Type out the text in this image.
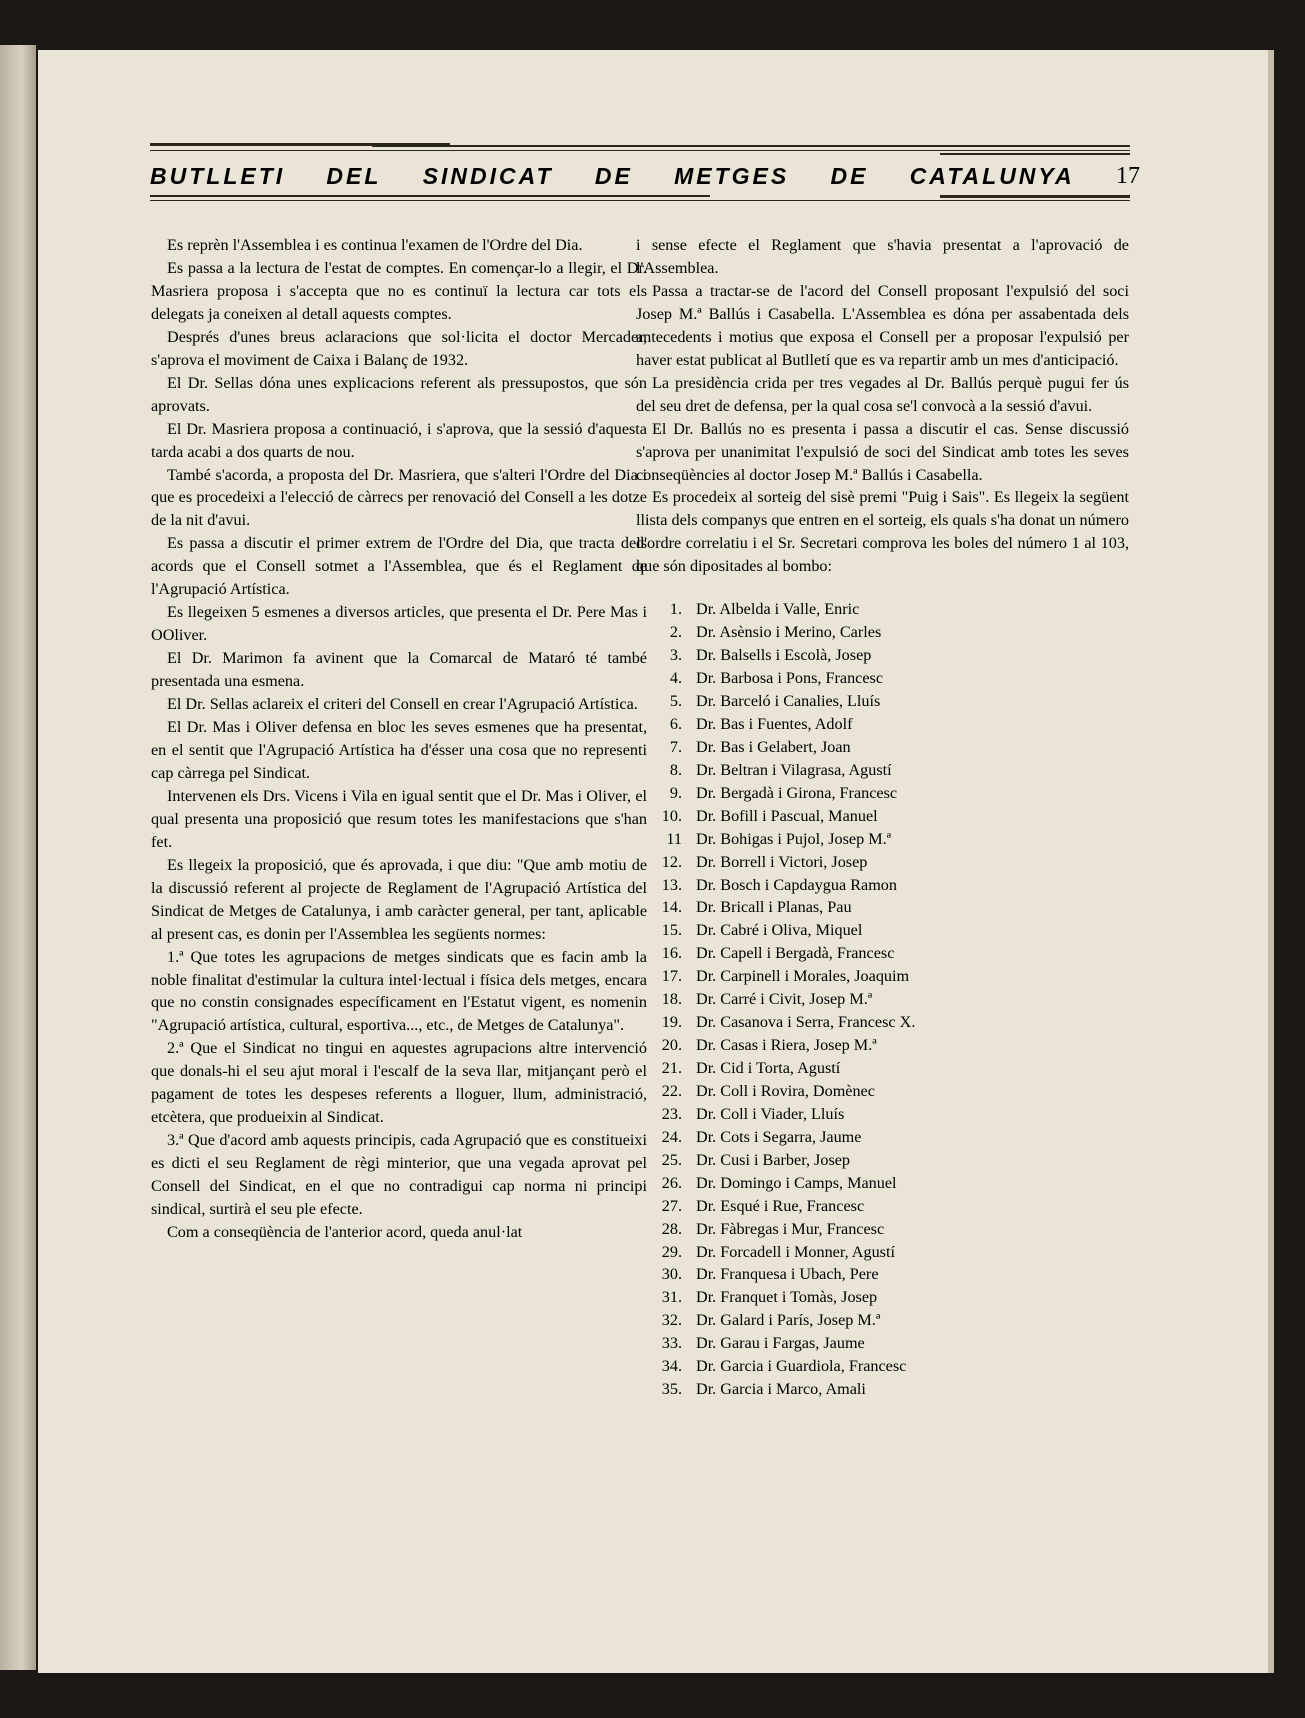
BUTLLETI DEL SINDICAT DE METGES DE CATALUNYA 17

Es reprèn l'Assemblea i es continua l'examen de l'Ordre del Dia.

Es passa a la lectura de l'estat de comptes. En començar-lo a llegir, el Dr. Masriera proposa i s'accepta que no es continuï la lectura car tots els delegats ja coneixen al detall aquests comptes.

Després d'unes breus aclaracions que sol·licita el doctor Mercader, s'aprova el moviment de Caixa i Balanç de 1932.

El Dr. Sellas dóna unes explicacions referent als pressupostos, que són aprovats.

El Dr. Masriera proposa a continuació, i s'aprova, que la sessió d'aquesta tarda acabi a dos quarts de nou.

També s'acorda, a proposta del Dr. Masriera, que s'alteri l'Ordre del Dia i que es procedeixi a l'elecció de càrrecs per renovació del Consell a les dotze de la nit d'avui.

Es passa a discutir el primer extrem de l'Ordre del Dia, que tracta dels acords que el Consell sotmet a l'Assemblea, que és el Reglament de l'Agrupació Artística.

Es llegeixen 5 esmenes a diversos articles, que presenta el Dr. Pere Mas i OOliver.

El Dr. Marimon fa avinent que la Comarcal de Mataró té també presentada una esmena.

El Dr. Sellas aclareix el criteri del Consell en crear l'Agrupació Artística.

El Dr. Mas i Oliver defensa en bloc les seves esmenes que ha presentat, en el sentit que l'Agrupació Artística ha d'ésser una cosa que no representi cap càrrega pel Sindicat.

Intervenen els Drs. Vicens i Vila en igual sentit que el Dr. Mas i Oliver, el qual presenta una proposició que resum totes les manifestacions que s'han fet.

Es llegeix la proposició, que és aprovada, i que diu: "Que amb motiu de la discussió referent al projecte de Reglament de l'Agrupació Artística del Sindicat de Metges de Catalunya, i amb caràcter general, per tant, aplicable al present cas, es donin per l'Assemblea les següents normes:

1.ª Que totes les agrupacions de metges sindicats que es facin amb la noble finalitat d'estimular la cultura intel·lectual i física dels metges, encara que no constin consignades específicament en l'Estatut vigent, es nomenin "Agrupació artística, cultural, esportiva..., etc., de Metges de Catalunya".

2.ª Que el Sindicat no tingui en aquestes agrupacions altre intervenció que donals-hi el seu ajut moral i l'escalf de la seva llar, mitjançant però el pagament de totes les despeses referents a lloguer, llum, administració, etcètera, que produeixin al Sindicat.

3.ª Que d'acord amb aquests principis, cada Agrupació que es constitueixi es dicti el seu Reglament de règi minterior, que una vegada aprovat pel Consell del Sindicat, en el que no contradigui cap norma ni principi sindical, surtirà el seu ple efecte.

Com a conseqüència de l'anterior acord, queda anul·lat

i sense efecte el Reglament que s'havia presentat a l'aprovació de l'Assemblea.

Passa a tractar-se de l'acord del Consell proposant l'expulsió del soci Josep M.ª Ballús i Casabella. L'Assemblea es dóna per assabentada dels antecedents i motius que exposa el Consell per a proposar l'expulsió per haver estat publicat al Butlletí que es va repartir amb un mes d'anticipació.

La presidència crida per tres vegades al Dr. Ballús perquè pugui fer ús del seu dret de defensa, per la qual cosa se'l convocà a la sessió d'avui.

El Dr. Ballús no es presenta i passa a discutir el cas. Sense discussió s'aprova per unanimitat l'expulsió de soci del Sindicat amb totes les seves conseqüències al doctor Josep M.ª Ballús i Casabella.

Es procedeix al sorteig del sisè premi "Puig i Sais". Es llegeix la següent llista dels companys que entren en el sorteig, els quals s'ha donat un número d'ordre correlatiu i el Sr. Secretari comprova les boles del número 1 al 103, que són dipositades al bombo:

1. Dr. Albelda i Valle, Enric
2. Dr. Asènsio i Merino, Carles
3. Dr. Balsells i Escolà, Josep
4. Dr. Barbosa i Pons, Francesc
5. Dr. Barceló i Canalies, Lluís
6. Dr. Bas i Fuentes, Adolf
7. Dr. Bas i Gelabert, Joan
8. Dr. Beltran i Vilagrasa, Agustí
9. Dr. Bergadà i Girona, Francesc
10. Dr. Bofill i Pascual, Manuel
11 Dr. Bohigas i Pujol, Josep M.ª
12. Dr. Borrell i Victori, Josep
13. Dr. Bosch i Capdaygua Ramon
14. Dr. Bricall i Planas, Pau
15. Dr. Cabré i Oliva, Miquel
16. Dr. Capell i Bergadà, Francesc
17. Dr. Carpinell i Morales, Joaquim
18. Dr. Carré i Civit, Josep M.ª
19. Dr. Casanova i Serra, Francesc X.
20. Dr. Casas i Riera, Josep M.ª
21. Dr. Cid i Torta, Agustí
22. Dr. Coll i Rovira, Domènec
23. Dr. Coll i Viader, Lluís
24. Dr. Cots i Segarra, Jaume
25. Dr. Cusi i Barber, Josep
26. Dr. Domingo i Camps, Manuel
27. Dr. Esqué i Rue, Francesc
28. Dr. Fàbregas i Mur, Francesc
29. Dr. Forcadell i Monner, Agustí
30. Dr. Franquesa i Ubach, Pere
31. Dr. Franquet i Tomàs, Josep
32. Dr. Galard i París, Josep M.ª
33. Dr. Garau i Fargas, Jaume
34. Dr. Garcia i Guardiola, Francesc
35. Dr. Garcia i Marco, Amali
